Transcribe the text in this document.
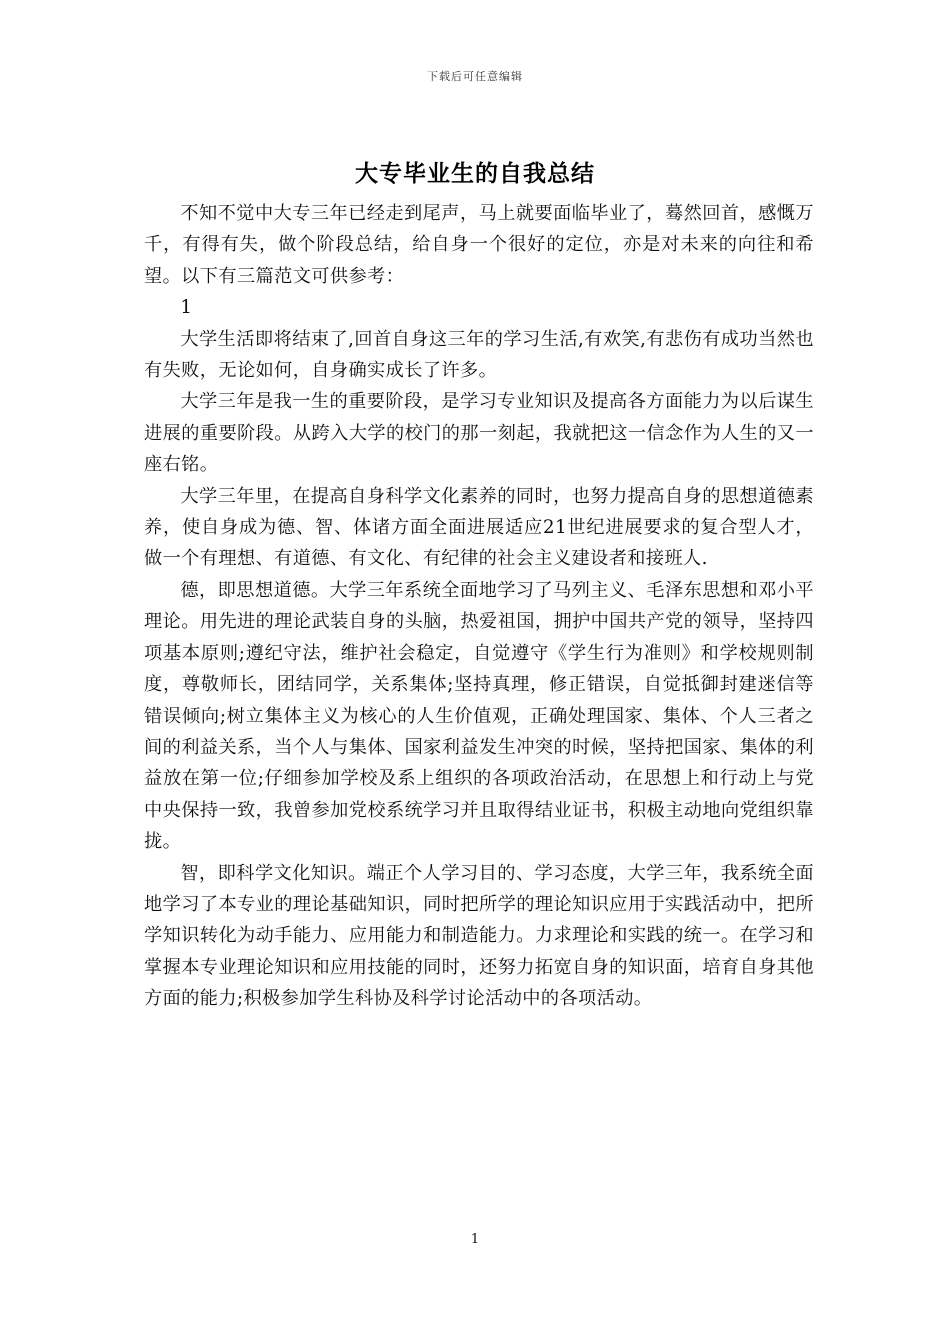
下载后可任意编辑
大专毕业生的自我总结

不知不觉中大专三年已经走到尾声，马上就要面临毕业了，蓦然回首，感慨万千，有得有失，做个阶段总结，给自身一个很好的定位，亦是对未来的向往和希望。以下有三篇范文可供参考：

1

大学生活即将结束了,回首自身这三年的学习生活,有欢笑,有悲伤有成功当然也有失败，无论如何，自身确实成长了许多。

大学三年是我一生的重要阶段，是学习专业知识及提高各方面能力为以后谋生进展的重要阶段。从跨入大学的校门的那一刻起，我就把这一信念作为人生的又一座右铭。

大学三年里，在提高自身科学文化素养的同时，也努力提高自身的思想道德素养，使自身成为德、智、体诸方面全面进展适应21世纪进展要求的复合型人才，做一个有理想、有道德、有文化、有纪律的社会主义建设者和接班人.

德，即思想道德。大学三年系统全面地学习了马列主义、毛泽东思想和邓小平理论。用先进的理论武装自身的头脑，热爱祖国，拥护中国共产党的领导，坚持四项基本原则;遵纪守法，维护社会稳定，自觉遵守《学生行为准则》和学校规则制度，尊敬师长，团结同学，关系集体;坚持真理，修正错误，自觉抵御封建迷信等错误倾向;树立集体主义为核心的人生价值观，正确处理国家、集体、个人三者之间的利益关系，当个人与集体、国家利益发生冲突的时候，坚持把国家、集体的利益放在第一位;仔细参加学校及系上组织的各项政治活动，在思想上和行动上与党中央保持一致，我曾参加党校系统学习并且取得结业证书，积极主动地向党组织靠拢。

智，即科学文化知识。端正个人学习目的、学习态度，大学三年，我系统全面地学习了本专业的理论基础知识，同时把所学的理论知识应用于实践活动中，把所学知识转化为动手能力、应用能力和制造能力。力求理论和实践的统一。在学习和掌握本专业理论知识和应用技能的同时，还努力拓宽自身的知识面，培育自身其他方面的能力;积极参加学生科协及科学讨论活动中的各项活动。

1
